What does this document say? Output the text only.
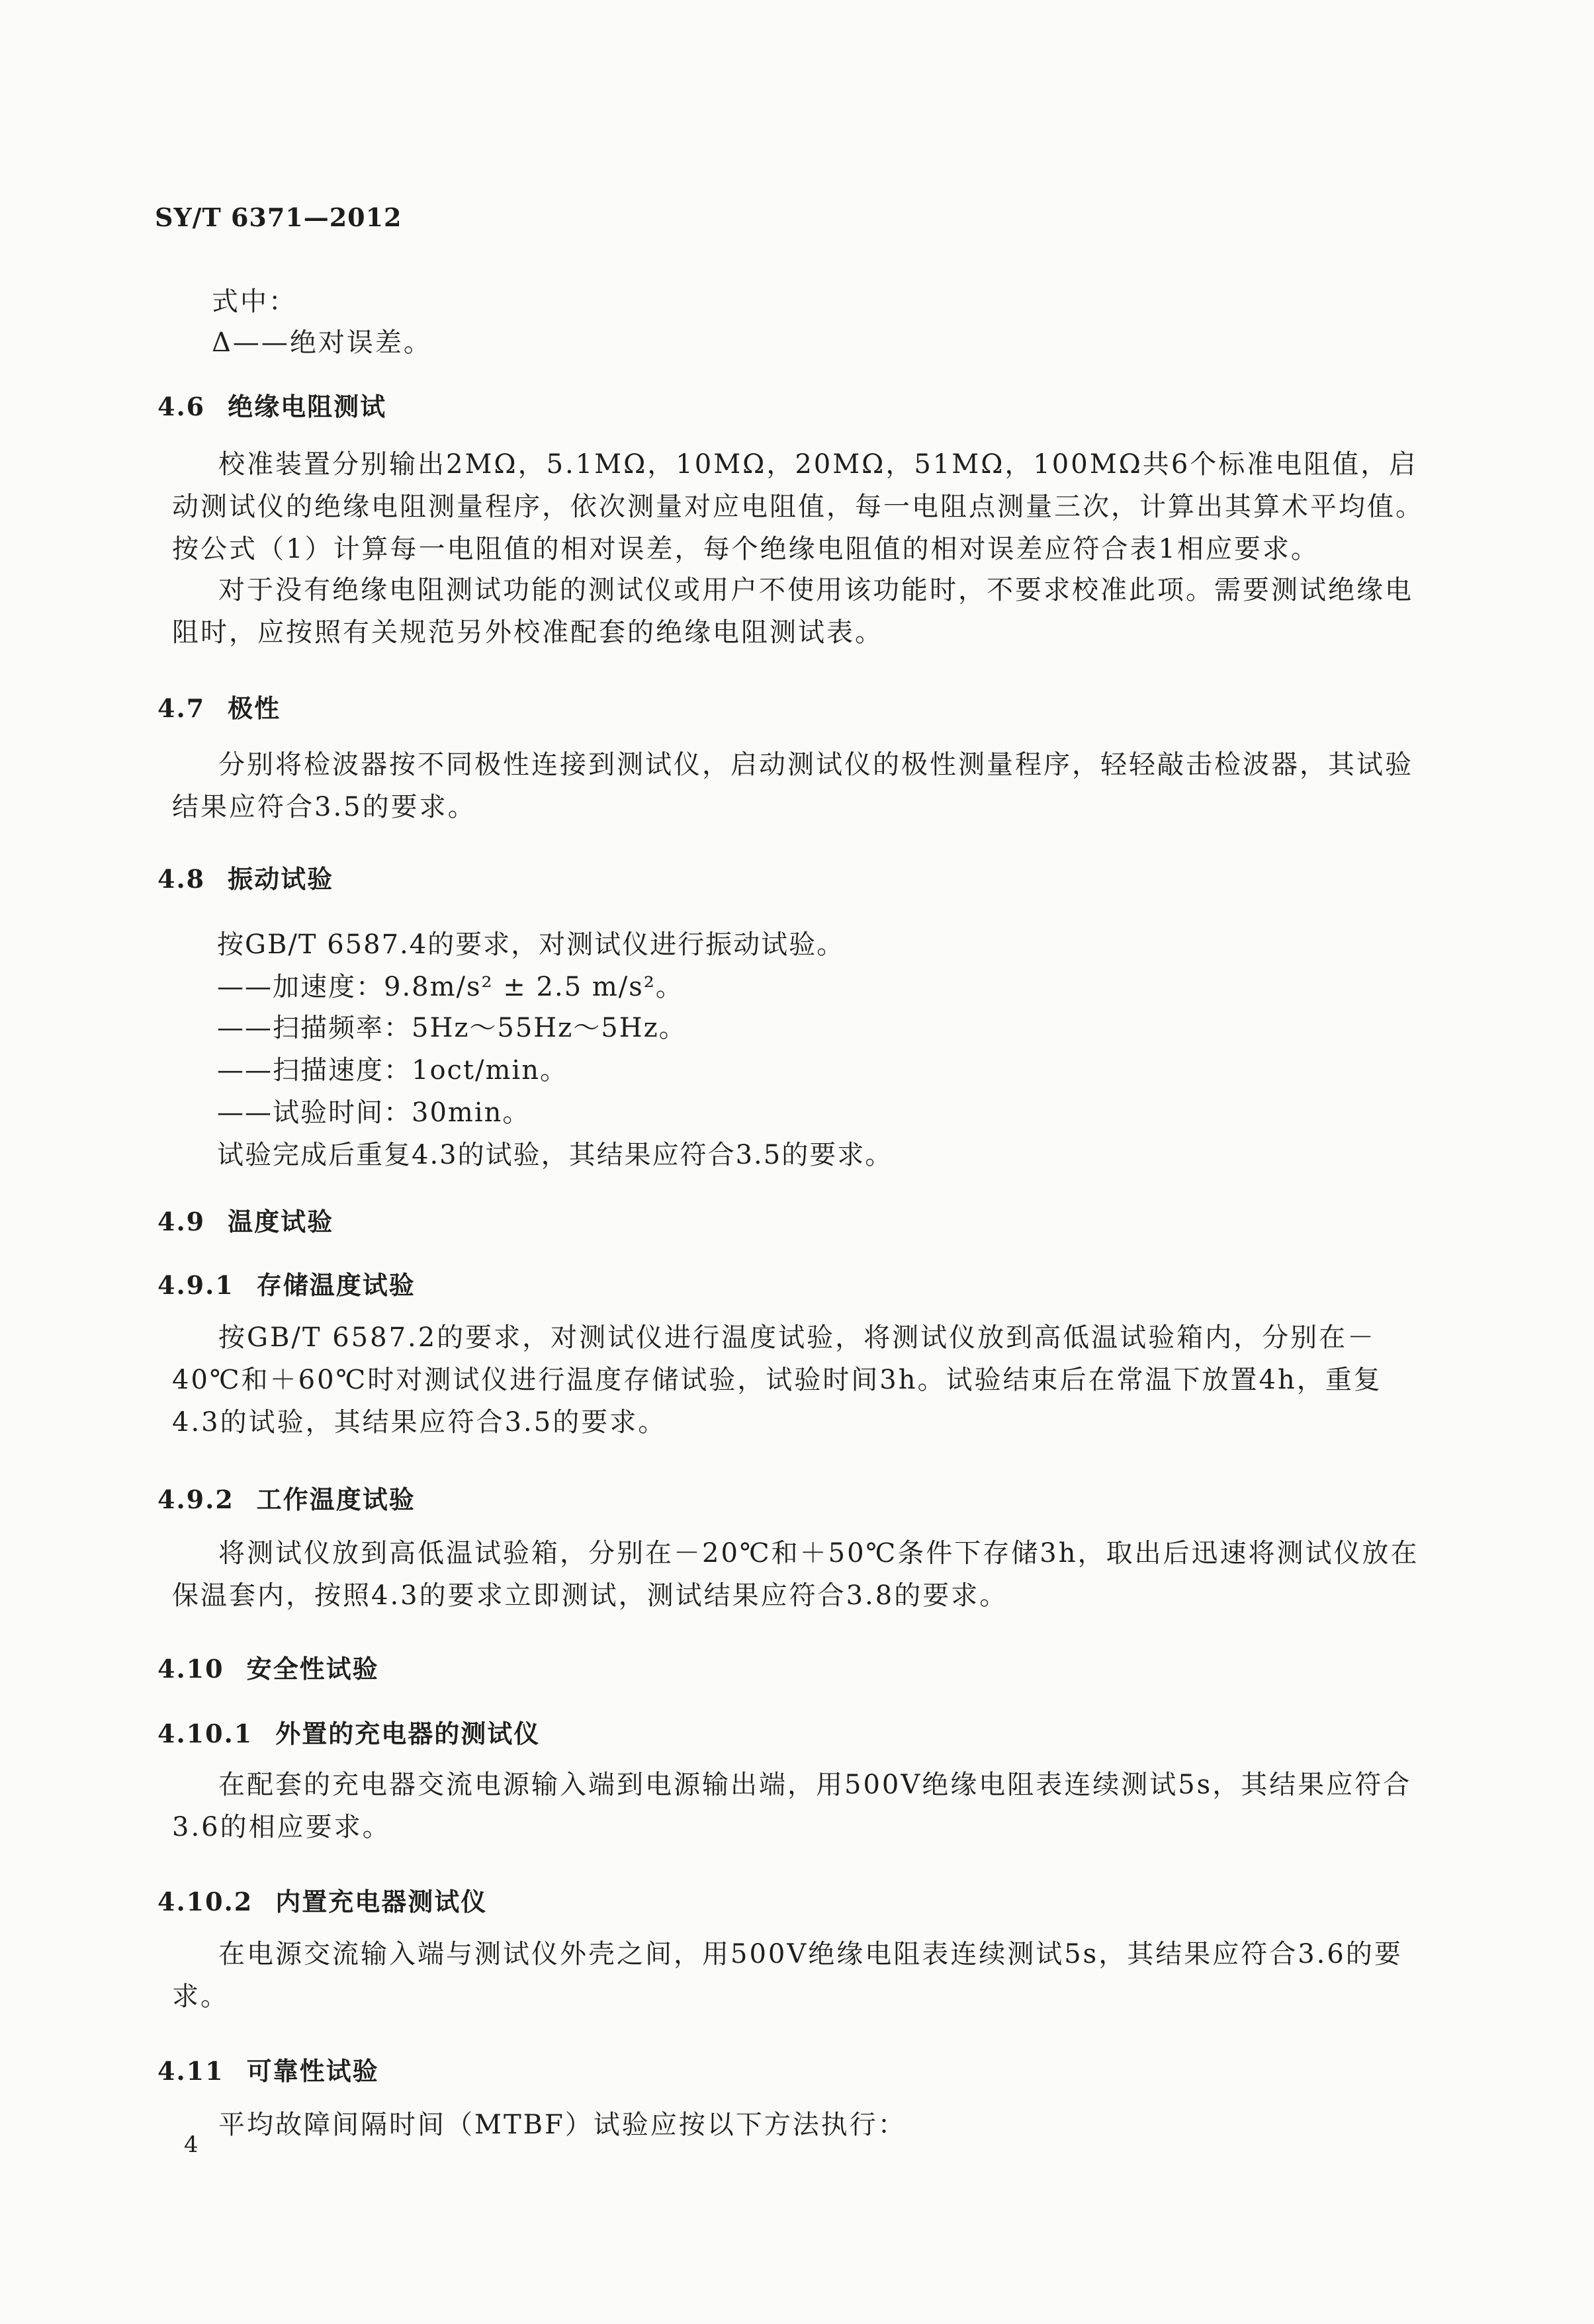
SY/T 6371—2012
式中：
Δ——绝对误差。
4.6 绝缘电阻测试
校准装置分别输出2MΩ，5.1MΩ，10MΩ，20MΩ，51MΩ，100MΩ共6个标准电阻值，启动测试仪的绝缘电阻测量程序，依次测量对应电阻值，每一电阻点测量三次，计算出其算术平均值。按公式（1）计算每一电阻值的相对误差，每个绝缘电阻值的相对误差应符合表1相应要求。
对于没有绝缘电阻测试功能的测试仪或用户不使用该功能时，不要求校准此项。需要测试绝缘电阻时，应按照有关规范另外校准配套的绝缘电阻测试表。
4.7 极性
分别将检波器按不同极性连接到测试仪，启动测试仪的极性测量程序，轻轻敲击检波器，其试验结果应符合3.5的要求。
4.8 振动试验
按GB/T 6587.4的要求，对测试仪进行振动试验。
——加速度：9.8m/s² ± 2.5 m/s²。
——扫描频率：5Hz～55Hz～5Hz。
——扫描速度：1oct/min。
——试验时间：30min。
试验完成后重复4.3的试验，其结果应符合3.5的要求。
4.9 温度试验
4.9.1 存储温度试验
按GB/T 6587.2的要求，对测试仪进行温度试验，将测试仪放到高低温试验箱内，分别在－40℃和＋60℃时对测试仪进行温度存储试验，试验时间3h。试验结束后在常温下放置4h，重复4.3的试验，其结果应符合3.5的要求。
4.9.2 工作温度试验
将测试仪放到高低温试验箱，分别在－20℃和＋50℃条件下存储3h，取出后迅速将测试仪放在保温套内，按照4.3的要求立即测试，测试结果应符合3.8的要求。
4.10 安全性试验
4.10.1 外置的充电器的测试仪
在配套的充电器交流电源输入端到电源输出端，用500V绝缘电阻表连续测试5s，其结果应符合3.6的相应要求。
4.10.2 内置充电器测试仪
在电源交流输入端与测试仪外壳之间，用500V绝缘电阻表连续测试5s，其结果应符合3.6的要求。
4.11 可靠性试验
平均故障间隔时间（MTBF）试验应按以下方法执行：
4
